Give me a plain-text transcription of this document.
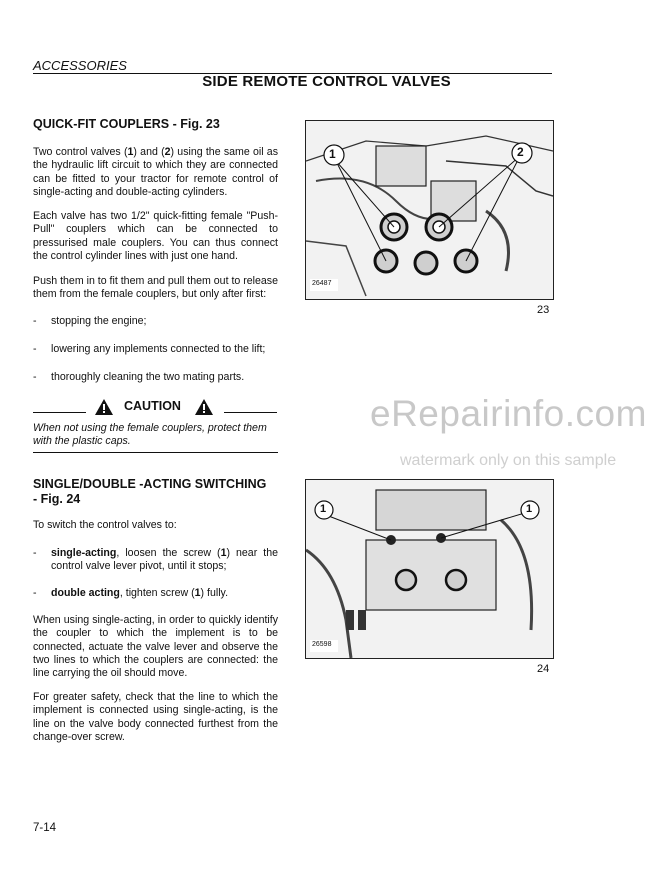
ACCESSORIES
SIDE REMOTE CONTROL VALVES
QUICK-FIT COUPLERS - Fig. 23
Two control valves (1) and (2) using the same oil as the hydraulic lift circuit to which they are connected can be fitted to your tractor for remote control of single-acting and double-acting cylinders.
Each valve has two 1/2" quick-fitting female "Push-Pull" couplers which can be connected to pressurised male couplers. You can thus connect the control cylinder lines with just one hand.
Push them in to fit them and pull them out to release them from the female couplers, but only after first:
- stopping the engine;
- lowering any implements connected to the lift;
- thoroughly cleaning the two mating parts.
CAUTION
When not using the female couplers, protect them with the plastic caps.
SINGLE/DOUBLE -ACTING SWITCHING
- Fig. 24
To switch the control valves to:
- single-acting, loosen the screw (1) near the control valve lever pivot, until it stops;
- double acting, tighten screw (1) fully.
When using single-acting, in order to quickly identify the coupler to which the implement is to be connected, actuate the valve lever and observe the two lines to which the couplers are connected: the line carrying the oil should move.
For greater safety, check that the line to which the implement is connected using single-acting, is the line on the valve body connected furthest from the change-over screw.
1	2
26487
23
1	1
26598
24
eRepairinfo.com
watermark only on this sample
7-14
